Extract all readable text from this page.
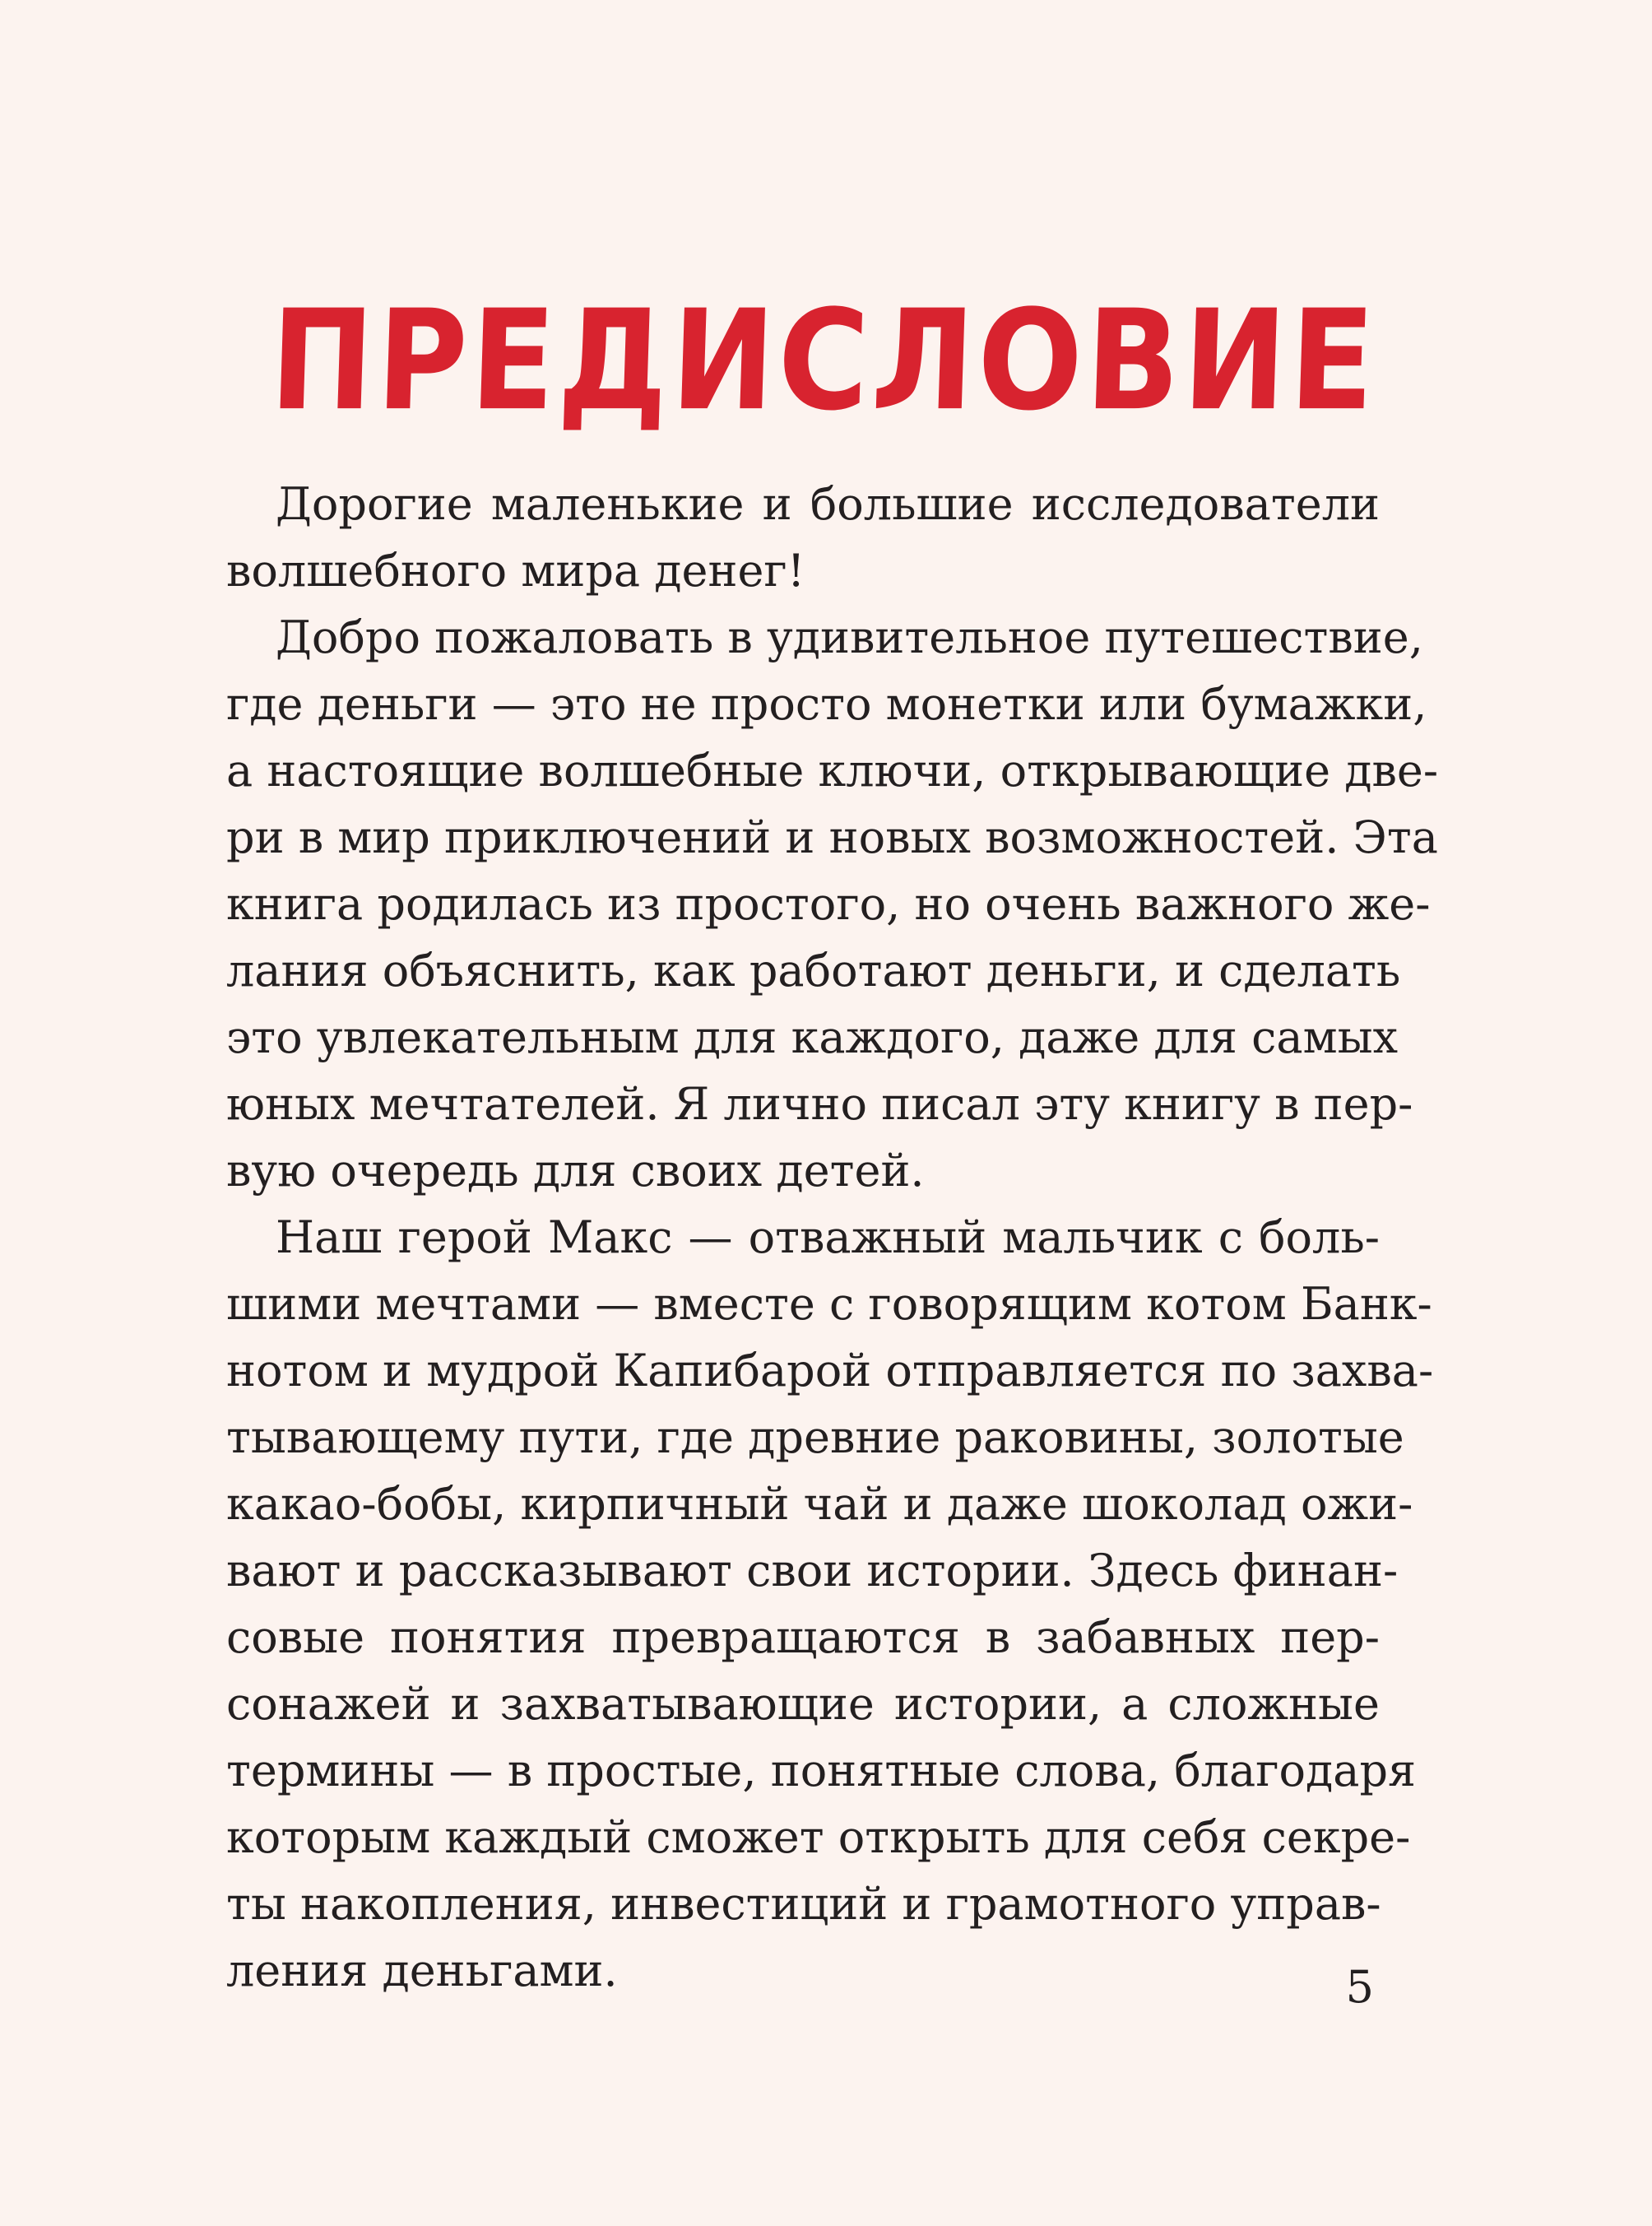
ПРЕДИСЛОВИЕ
Дорогие маленькие и большие исследователи
волшебного мира денег!
Добро пожаловать в удивительное путешествие,
где деньги — это не просто монетки или бумажки,
а настоящие волшебные ключи, открывающие две-
ри в мир приключений и новых возможностей. Эта
книга родилась из простого, но очень важного же-
лания объяснить, как работают деньги, и сделать
это увлекательным для каждого, даже для самых
юных мечтателей. Я лично писал эту книгу в пер-
вую очередь для своих детей.
Наш герой Макс — отважный мальчик с боль-
шими мечтами — вместе с говорящим котом Банк-
нотом и мудрой Капибарой отправляется по захва-
тывающему пути, где древние раковины, золотые
какао-бобы, кирпичный чай и даже шоколад ожи-
вают и рассказывают свои истории. Здесь финан-
совые понятия превращаются в забавных пер-
сонажей и захватывающие истории, а сложные
термины — в простые, понятные слова, благодаря
которым каждый сможет открыть для себя секре-
ты накопления, инвестиций и грамотного управ-
ления деньгами.	5
